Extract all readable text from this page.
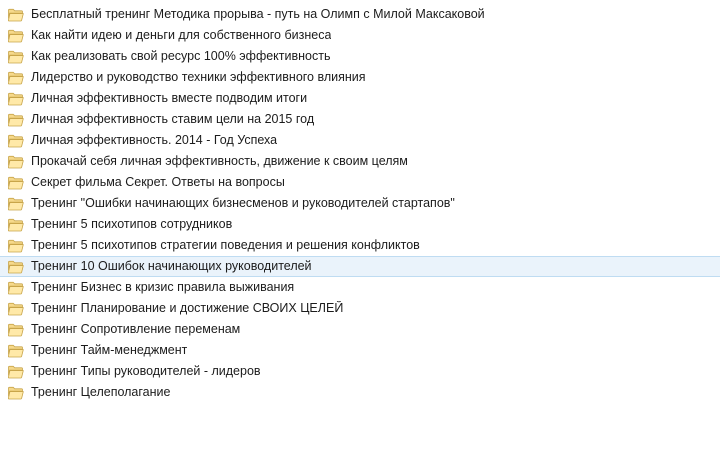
Бесплатный тренинг Методика прорыва - путь на Олимп с Милой Максаковой
Как найти идею и деньги для собственного бизнеса
Как реализовать свой ресурс 100% эффективность
Лидерство и руководство техники эффективного влияния
Личная эффективность вместе подводим итоги
Личная эффективность ставим цели на 2015 год
Личная эффективность. 2014 - Год Успеха
Прокачай себя личная эффективность, движение к своим целям
Секрет фильма Секрет. Ответы на вопросы
Тренинг "Ошибки начинающих бизнесменов и руководителей стартапов"
Тренинг 5 психотипов сотрудников
Тренинг 5 психотипов стратегии поведения и решения конфликтов
Тренинг 10 Ошибок начинающих руководителей
Тренинг Бизнес в кризис правила выживания
Тренинг Планирование и достижение СВОИХ ЦЕЛЕЙ
Тренинг Сопротивление переменам
Тренинг Тайм-менеджмент
Тренинг Типы руководителей - лидеров
Тренинг Целеполагание
